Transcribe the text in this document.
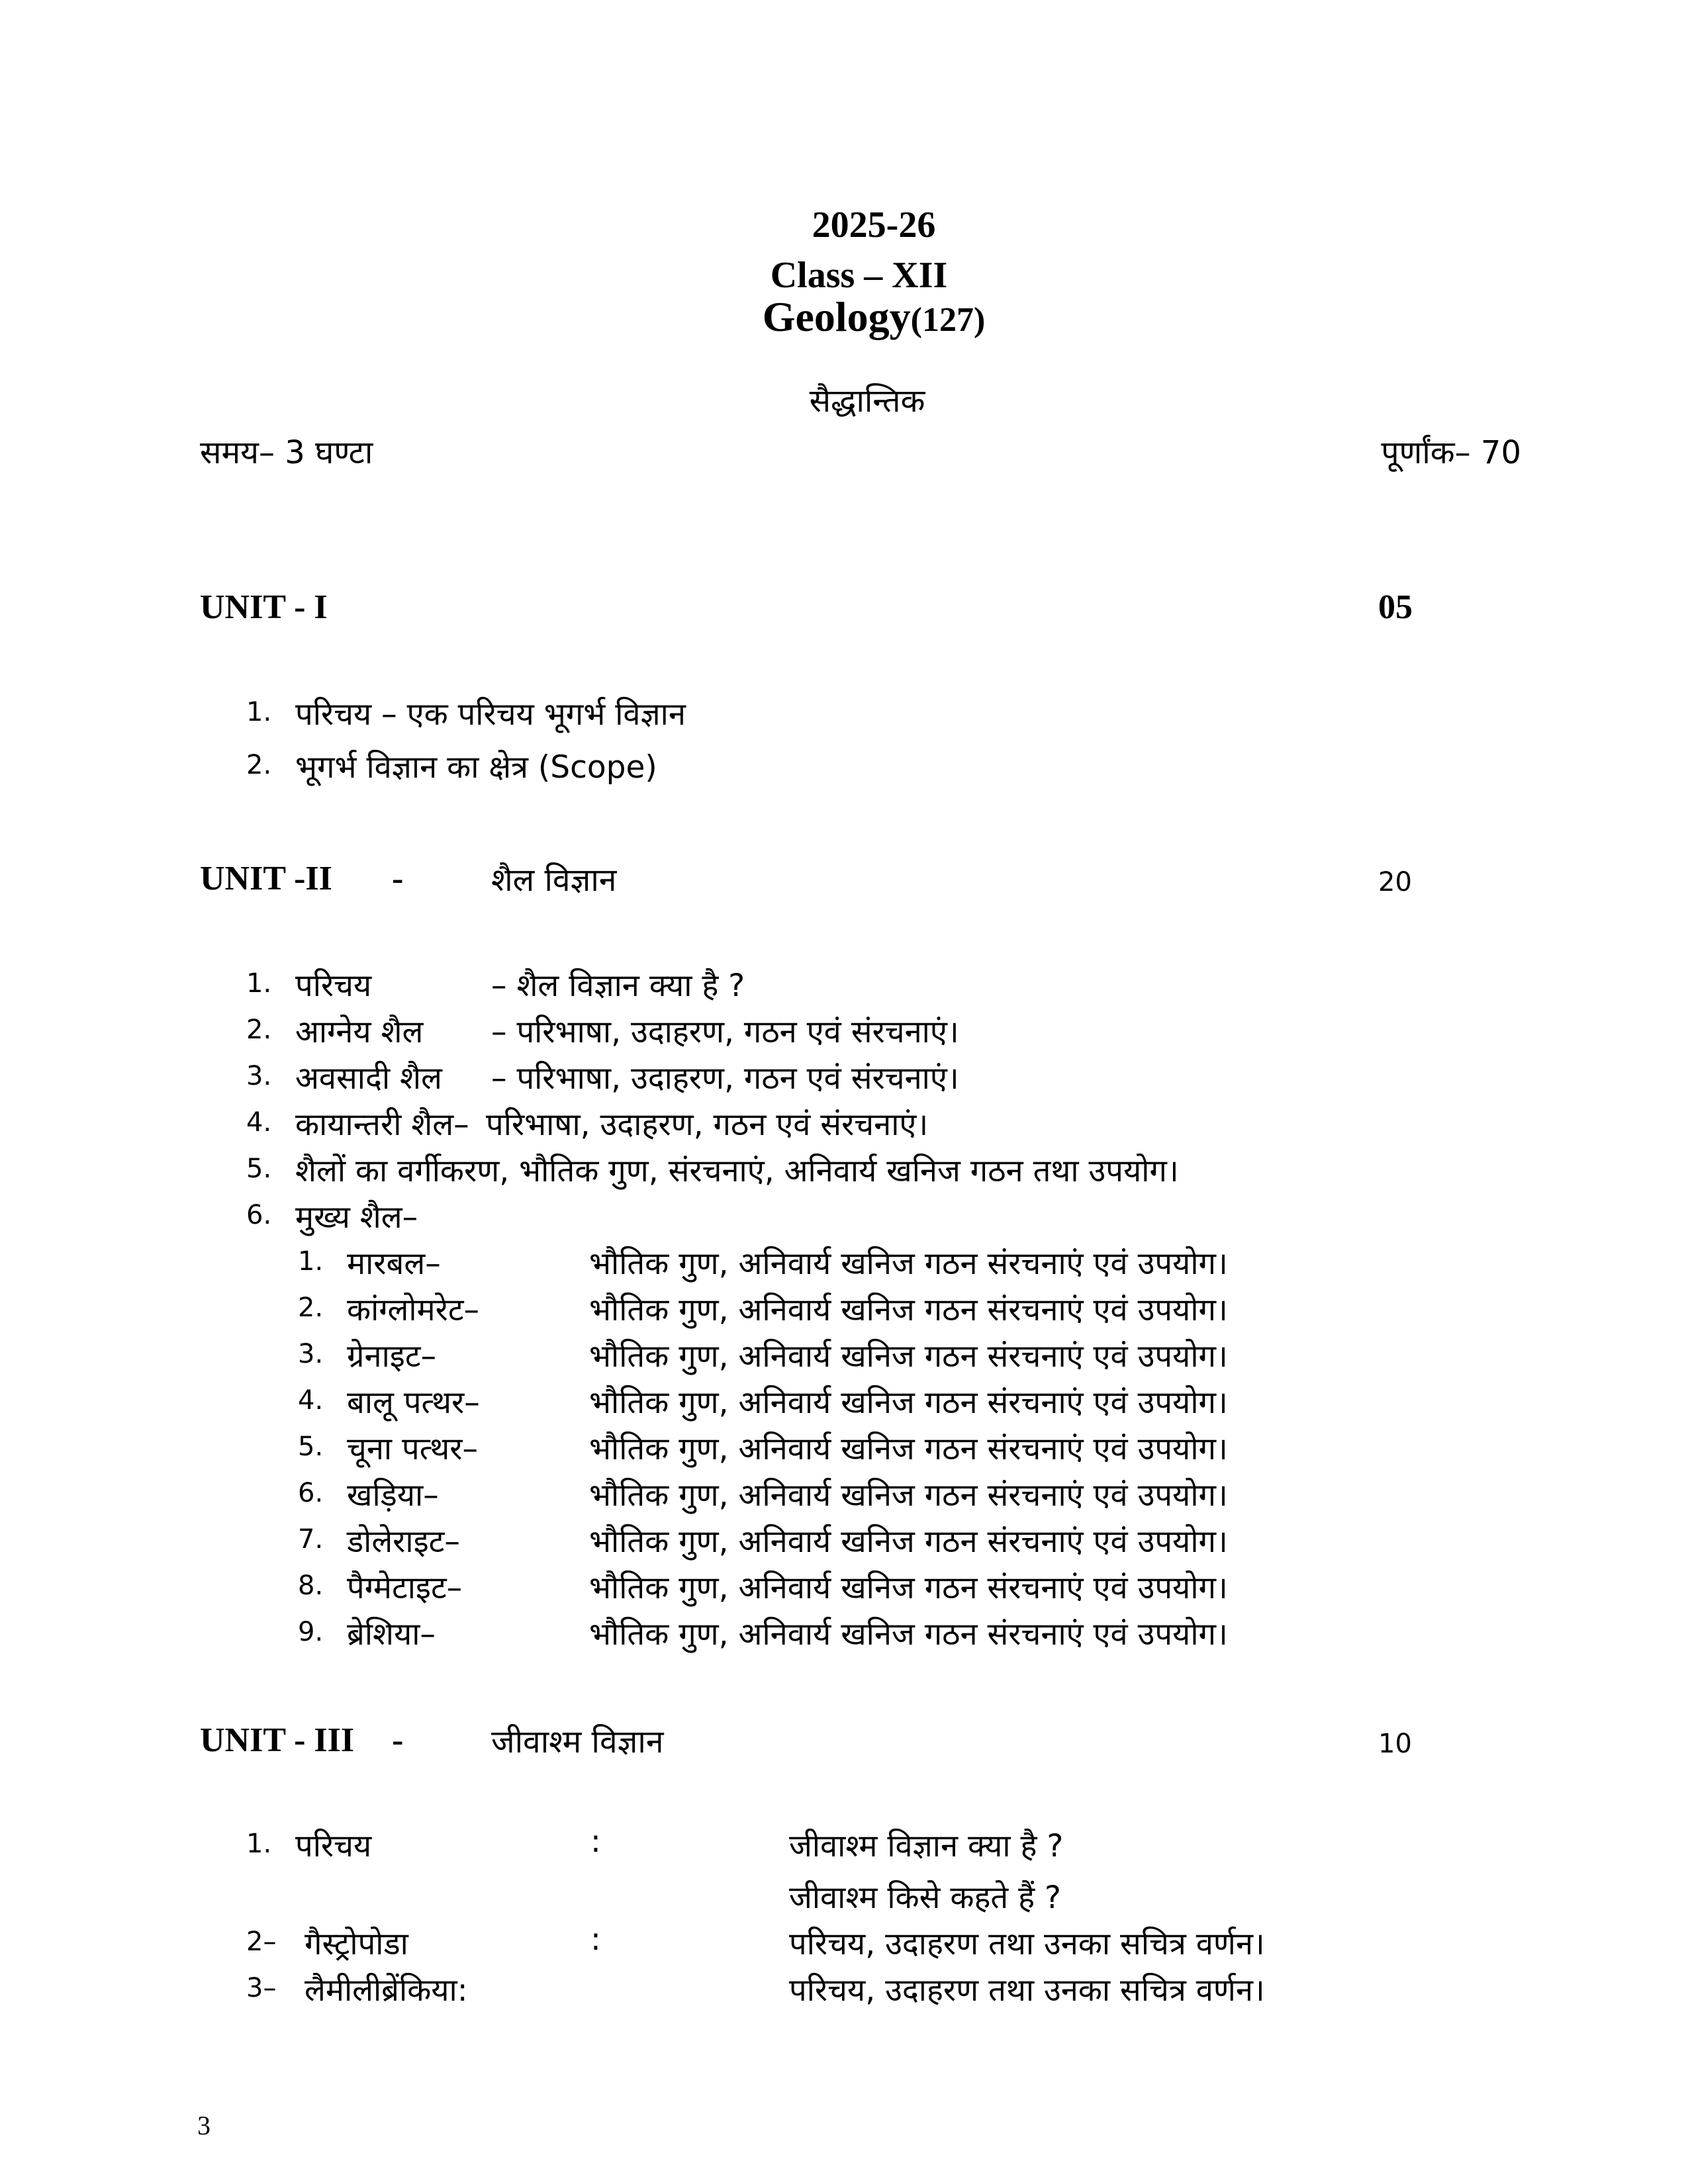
2025-26
Class – XII
Geology(127)
सैद्धान्तिक
समय– 3 घण्टा	पूर्णांक– 70
UNIT - I	05
1. परिचय – एक परिचय भूगर्भ विज्ञान
2. भूगर्भ विज्ञान का क्षेत्र (Scope)
UNIT -II -	शैल विज्ञान	20
1. परिचय	– शैल विज्ञान क्या है ?
2. आग्नेय शैल – परिभाषा, उदाहरण, गठन एवं संरचनाएं।
3. अवसादी शैल – परिभाषा, उदाहरण, गठन एवं संरचनाएं।
4. कायान्तरी शैल– परिभाषा, उदाहरण, गठन एवं संरचनाएं।
5. शैलों का वर्गीकरण, भौतिक गुण, संरचनाएं, अनिवार्य खनिज गठन तथा उपयोग।
6. मुख्य शैल–
1. मारबल–	भौतिक गुण, अनिवार्य खनिज गठन संरचनाएं एवं उपयोग।
2. कांग्लोमरेट–	भौतिक गुण, अनिवार्य खनिज गठन संरचनाएं एवं उपयोग।
3. ग्रेनाइट–	भौतिक गुण, अनिवार्य खनिज गठन संरचनाएं एवं उपयोग।
4. बालू पत्थर–	भौतिक गुण, अनिवार्य खनिज गठन संरचनाएं एवं उपयोग।
5. चूना पत्थर–	भौतिक गुण, अनिवार्य खनिज गठन संरचनाएं एवं उपयोग।
6. खड़िया–	भौतिक गुण, अनिवार्य खनिज गठन संरचनाएं एवं उपयोग।
7. डोलेराइट–	भौतिक गुण, अनिवार्य खनिज गठन संरचनाएं एवं उपयोग।
8. पैग्मेटाइट–	भौतिक गुण, अनिवार्य खनिज गठन संरचनाएं एवं उपयोग।
9. ब्रेशिया–	भौतिक गुण, अनिवार्य खनिज गठन संरचनाएं एवं उपयोग।
UNIT - III -	जीवाश्म विज्ञान	10
1. परिचय	:	जीवाश्म विज्ञान क्या है ?
जीवाश्म किसे कहते हैं ?
2– गैस्ट्रोपोडा	:	परिचय, उदाहरण तथा उनका सचित्र वर्णन।
3– लैमीलीब्रेंकिया:	परिचय, उदाहरण तथा उनका सचित्र वर्णन।
3
